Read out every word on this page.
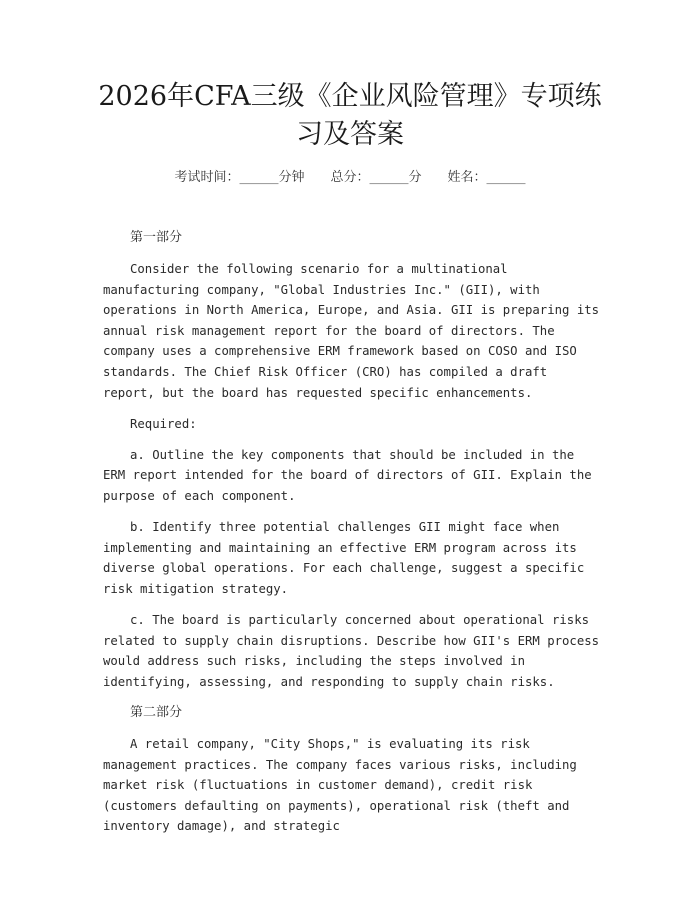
2026年CFA三级《企业风险管理》专项练习及答案
考试时间：______分钟 总分：______分 姓名：______

第一部分

Consider the following scenario for a multinational manufacturing company, "Global Industries Inc." (GII), with operations in North America, Europe, and Asia. GII is preparing its annual risk management report for the board of directors. The company uses a comprehensive ERM framework based on COSO and ISO standards. The Chief Risk Officer (CRO) has compiled a draft report, but the board has requested specific enhancements.

Required:

a. Outline the key components that should be included in the ERM report intended for the board of directors of GII. Explain the purpose of each component.

b. Identify three potential challenges GII might face when implementing and maintaining an effective ERM program across its diverse global operations. For each challenge, suggest a specific risk mitigation strategy.

c. The board is particularly concerned about operational risks related to supply chain disruptions. Describe how GII's ERM process would address such risks, including the steps involved in identifying, assessing, and responding to supply chain risks.

第二部分

A retail company, "City Shops," is evaluating its risk management practices. The company faces various risks, including market risk (fluctuations in customer demand), credit risk (customers defaulting on payments), operational risk (theft and inventory damage), and strategic
